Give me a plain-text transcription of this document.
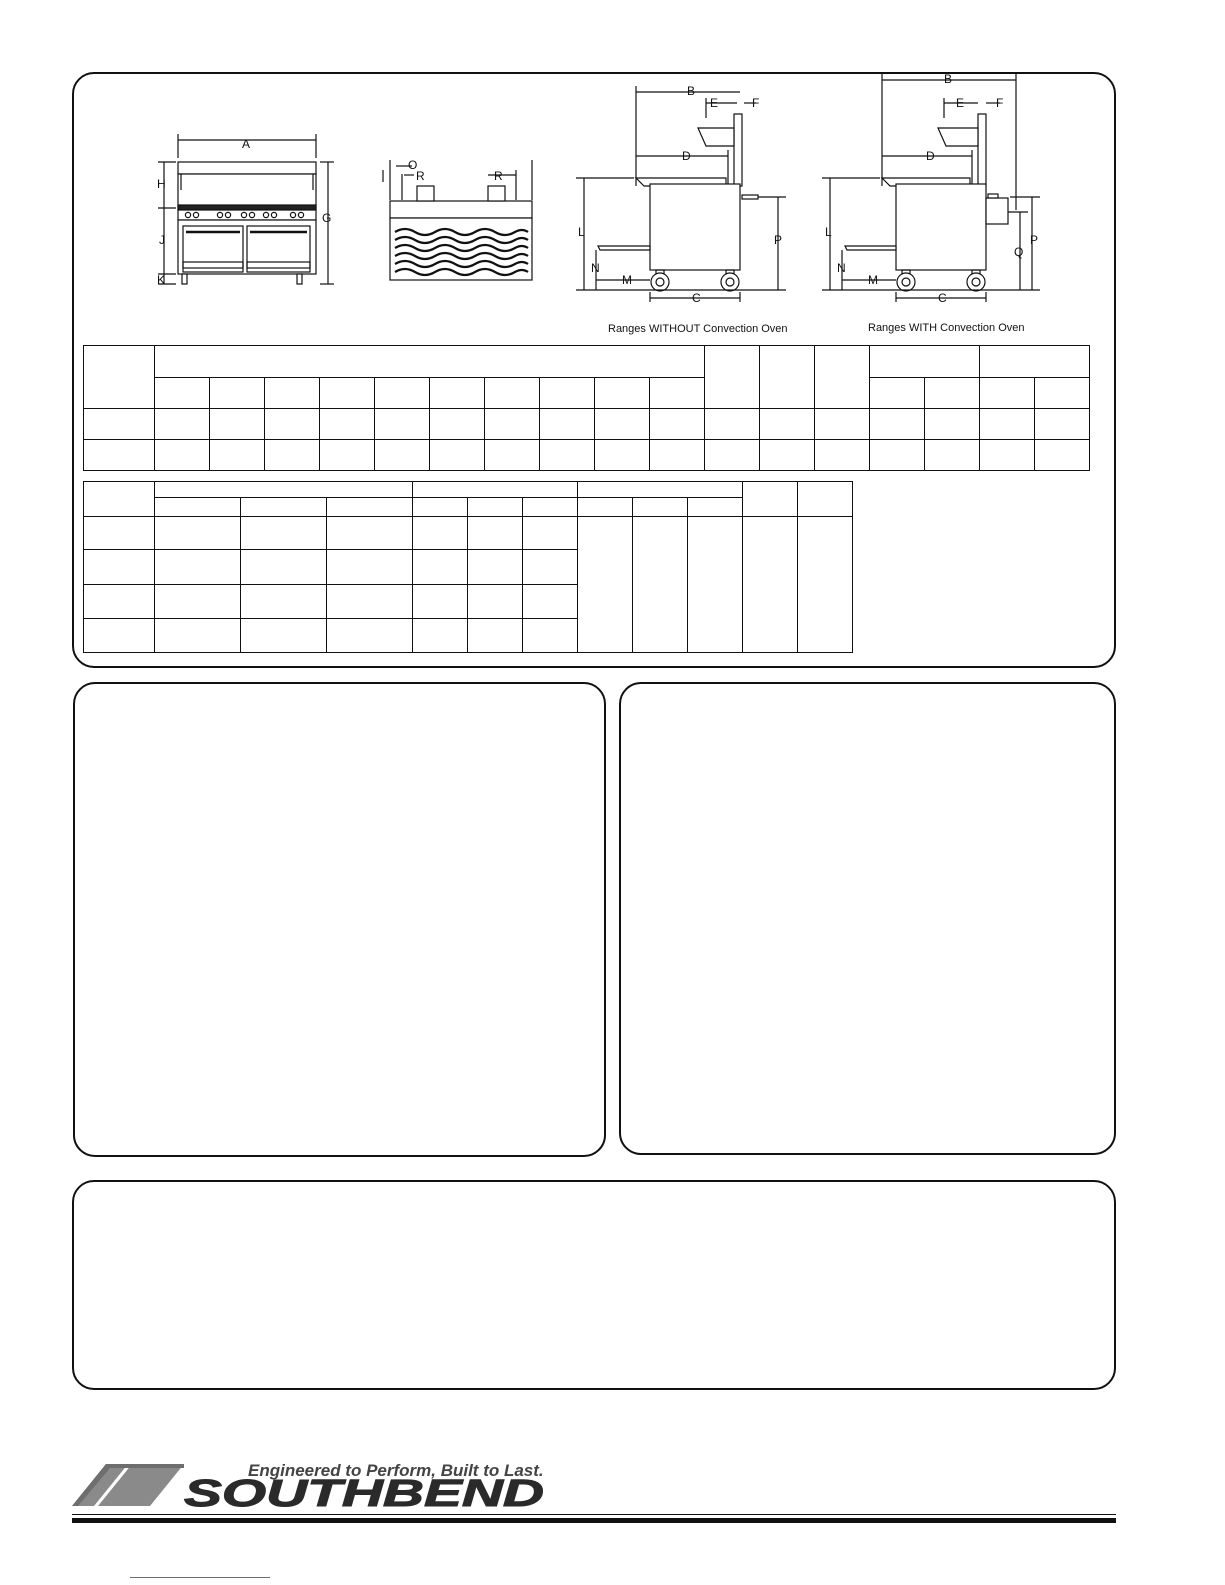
A
G
H
J
K
O
R	R
B
E	F
D
L
N
M
C
P
B
E	F
D
L
N
M
C
Q
P
Ranges WITHOUT Convection Oven	Ranges WITH Convection Oven

Engineered to Perform, Built to Last.
SOUTHBEND
